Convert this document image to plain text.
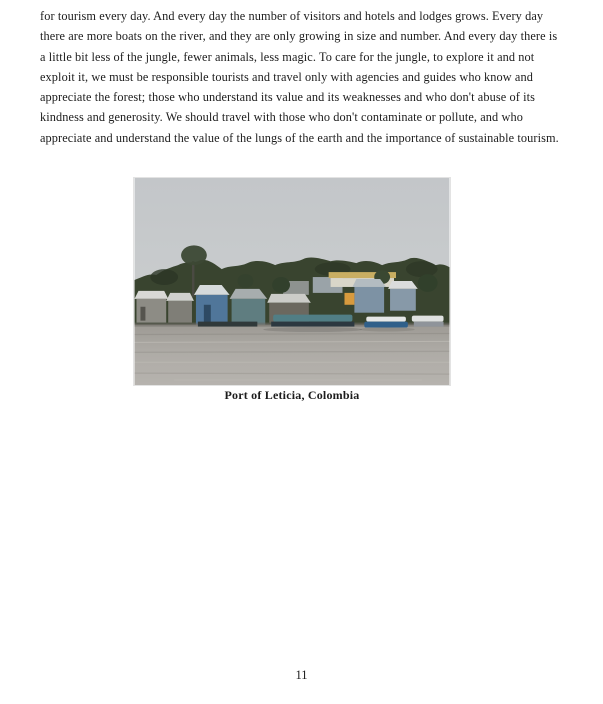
for tourism every day. And every day the number of visitors and hotels and lodges grows. Every day
there are more boats on the river, and they are only growing in size and number. And every day there is
a little bit less of the jungle, fewer animals, less magic. To care for the jungle, to explore it and not
exploit it, we must be responsible tourists and travel only with agencies and guides who know and
appreciate the forest; those who understand its value and its weaknesses and who don't abuse of its
kindness and generosity. We should travel with those who don't contaminate or pollute, and who
appreciate and understand the value of the lungs of the earth and the importance of sustainable tourism.
Port of Leticia, Colombia
11
